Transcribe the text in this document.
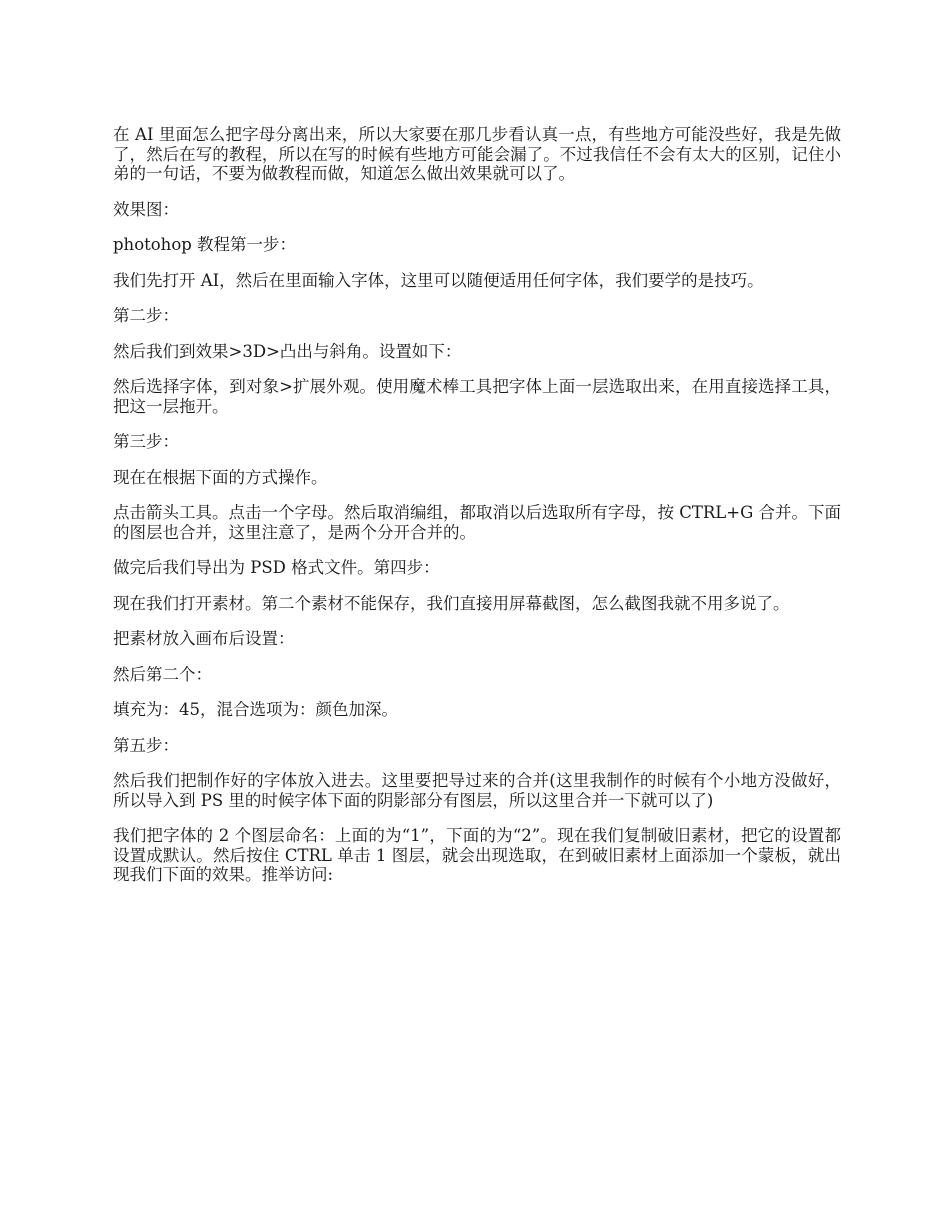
在 AI 里面怎么把字母分离出来，所以大家要在那几步看认真一点，有些地方可能没些好，我是先做了，然后在写的教程，所以在写的时候有些地方可能会漏了。不过我信任不会有太大的区别，记住小弟的一句话，不要为做教程而做，知道怎么做出效果就可以了。

效果图：

photohop 教程第一步：

我们先打开 AI，然后在里面输入字体，这里可以随便适用任何字体，我们要学的是技巧。

第二步：

然后我们到效果>3D>凸出与斜角。设置如下：

然后选择字体，到对象>扩展外观。使用魔术棒工具把字体上面一层选取出来，在用直接选择工具，把这一层拖开。

第三步：

现在在根据下面的方式操作。

点击箭头工具。点击一个字母。然后取消编组，都取消以后选取所有字母，按 CTRL+G 合并。下面的图层也合并，这里注意了，是两个分开合并的。

做完后我们导出为 PSD 格式文件。第四步：

现在我们打开素材。第二个素材不能保存，我们直接用屏幕截图，怎么截图我就不用多说了。

把素材放入画布后设置：

然后第二个：

填充为：45，混合选项为：颜色加深。

第五步：

然后我们把制作好的字体放入进去。这里要把导过来的合并(这里我制作的时候有个小地方没做好，所以导入到 PS 里的时候字体下面的阴影部分有图层，所以这里合并一下就可以了)

我们把字体的 2 个图层命名：上面的为“1”，下面的为“2”。现在我们复制破旧素材，把它的设置都设置成默认。然后按住 CTRL 单击 1 图层，就会出现选取，在到破旧素材上面添加一个蒙板，就出现我们下面的效果。推举访问:
